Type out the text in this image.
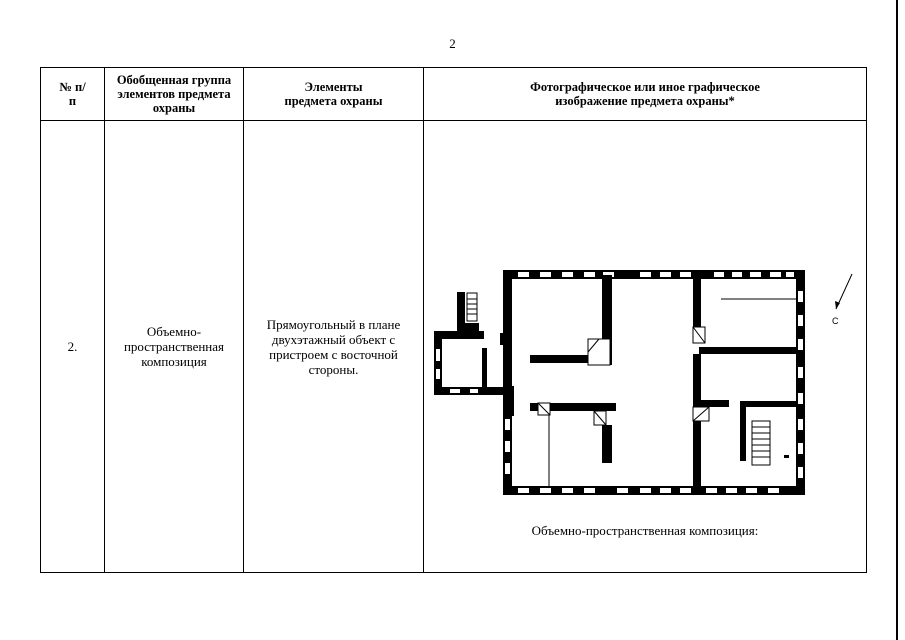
2
№ п/п	Обобщенная группа элементов предмета охраны	Элементы предмета охраны	Фотографическое или иное графическое изображение предмета охраны*

2.	Объемно-пространственная композиция	Прямоугольный в плане двухэтажный объект с пристроем с восточной стороны.	С
Объемно-пространственная композиция:
